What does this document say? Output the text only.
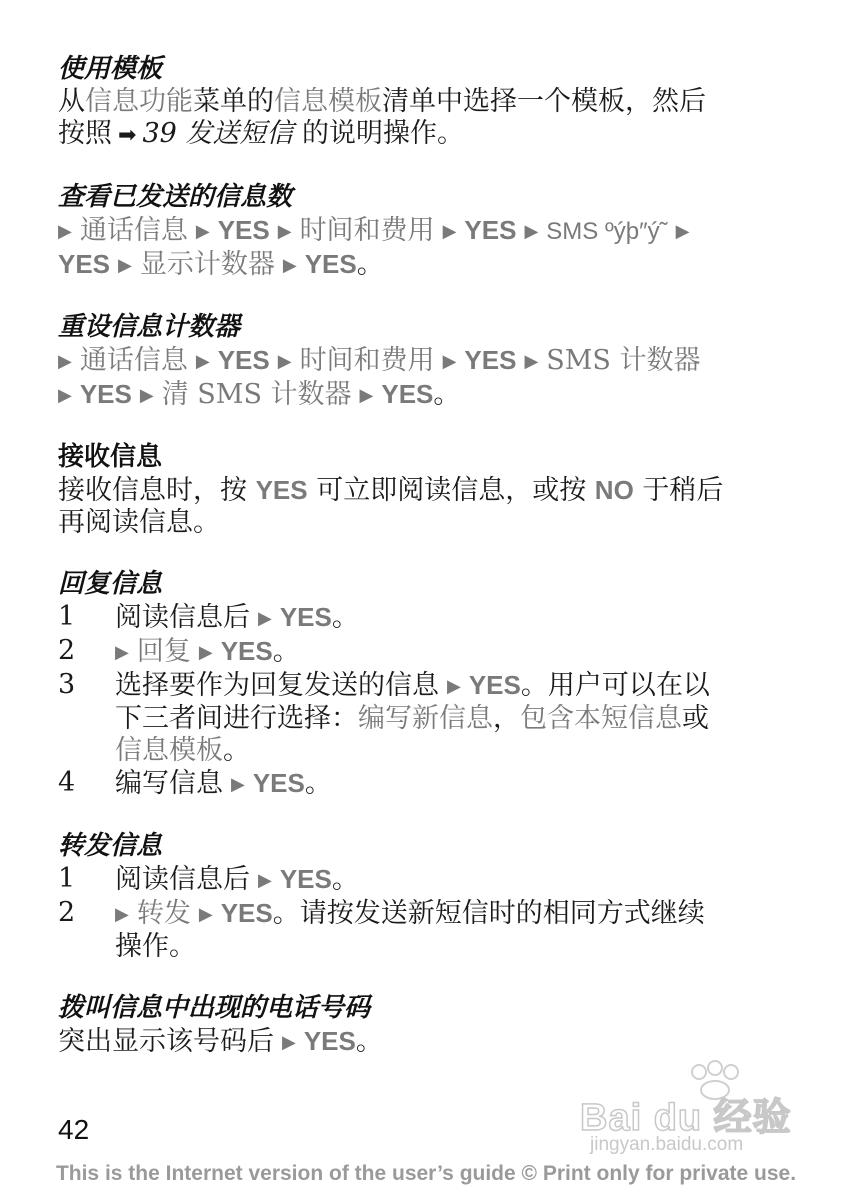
使用模板
从信息功能菜单的信息模板清单中选择一个模板，然后
按照 ➡ 39 发送短信 的说明操作。
查看已发送的信息数
▶ 通话信息 ▶ YES ▶ 时间和费用 ▶ YES ▶ SMS ºýþ″ý˜ ▶
YES ▶ 显示计数器 ▶ YES。
重设信息计数器
▶ 通话信息 ▶ YES ▶ 时间和费用 ▶ YES ▶ SMS 计数器
▶ YES ▶ 清 SMS 计数器 ▶ YES。
接收信息
接收信息时，按 YES 可立即阅读信息，或按 NO 于稍后
再阅读信息。
回复信息
1	阅读信息后 ▶ YES。
2	▶ 回复 ▶ YES。
3	选择要作为回复发送的信息 ▶ YES。用户可以在以
下三者间进行选择：编写新信息，包含本短信息或
信息模板。
4	编写信息 ▶ YES。
转发信息
1	阅读信息后 ▶ YES。
2	▶ 转发 ▶ YES。请按发送新短信时的相同方式继续
操作。
拨叫信息中出现的电话号码
突出显示该号码后 ▶ YES。
Bai du 经验
jingyan.baidu.com
42
This is the Internet version of the user’s guide © Print only for private use.
